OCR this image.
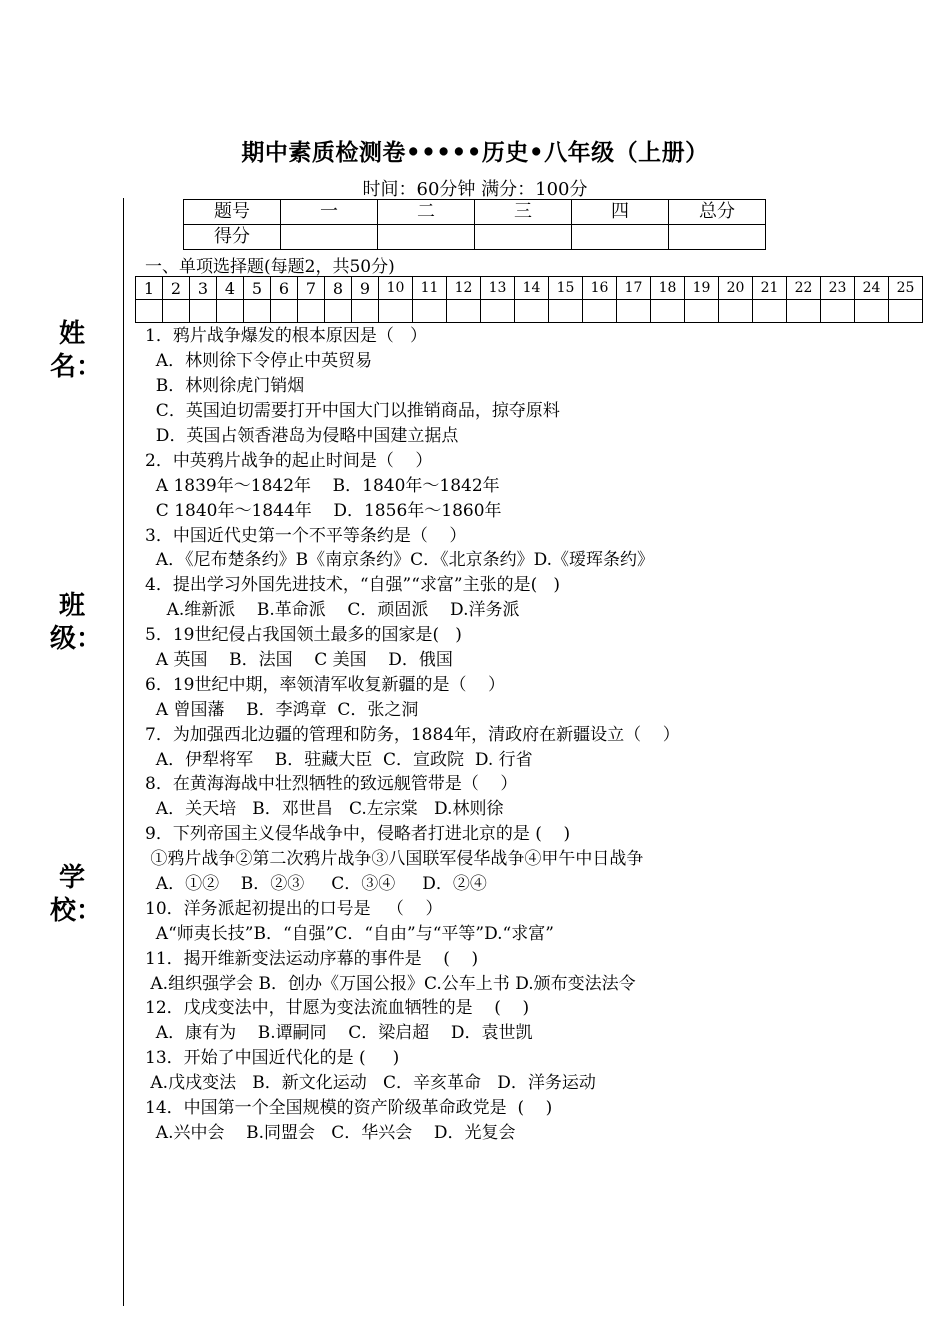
期中素质检测卷•••••历史•八年级（上册）
时间：60分钟 满分：100分
姓名：
班级：
学校：
题号	一	二	三	四	总分
得分					
一、单项选择题(每题2，共50分)
1	2	3	4	5	6	7	8	9	10	11	12	13	14	15	16	17	18	19	20	21	22	23	24	25

1．鸦片战争爆发的根本原因是（   ）
A．林则徐下令停止中英贸易
B．林则徐虎门销烟
C．英国迫切需要打开中国大门以推销商品，掠夺原料
D．英国占领香港岛为侵略中国建立据点
2．中英鸦片战争的起止时间是（    ）
A 1839年～1842年    B．1840年～1842年
C 1840年～1844年    D．1856年～1860年
3．中国近代史第一个不平等条约是（    ）
A．《尼布楚条约》B《南京条约》C．《北京条约》D.《瑷珲条约》
4．提出学习外国先进技术，“自强”“求富”主张的是(   )
A.维新派    B.革命派    C．顽固派    D.洋务派
5．19世纪侵占我国领土最多的国家是(   )
A 英国    B．法国    C 美国    D．俄国
6．19世纪中期，率领清军收复新疆的是（    ）
A 曾国藩    B．李鸿章  C．张之洞
7．为加强西北边疆的管理和防务，1884年，清政府在新疆设立（    ）
A．伊犁将军    B．驻藏大臣  C．宣政院  D. 行省
8．在黄海海战中壮烈牺牲的致远舰管带是（    ）
A．关天培   B．邓世昌   C.左宗棠   D.林则徐
9．下列帝国主义侵华战争中，侵略者打进北京的是 (    )
①鸦片战争②第二次鸦片战争③八国联军侵华战争④甲午中日战争
A．①②    B．②③     C．③④     D．②④
10．洋务派起初提出的口号是   （    ）
A“师夷长技”B．“自强”C．“自由”与“平等”D.“求富”
11．揭开维新变法运动序幕的事件是    (    )
A.组织强学会 B．创办《万国公报》C.公车上书 D.颁布变法法令
12．戊戌变法中，甘愿为变法流血牺牲的是    (    )
A．康有为    B.谭嗣同    C．梁启超    D．袁世凯
13．开始了中国近代化的是 (     )
A.戊戌变法   B．新文化运动   C．辛亥革命   D．洋务运动
14．中国第一个全国规模的资产阶级革命政党是  (    )
A.兴中会    B.同盟会   C．华兴会    D．光复会
